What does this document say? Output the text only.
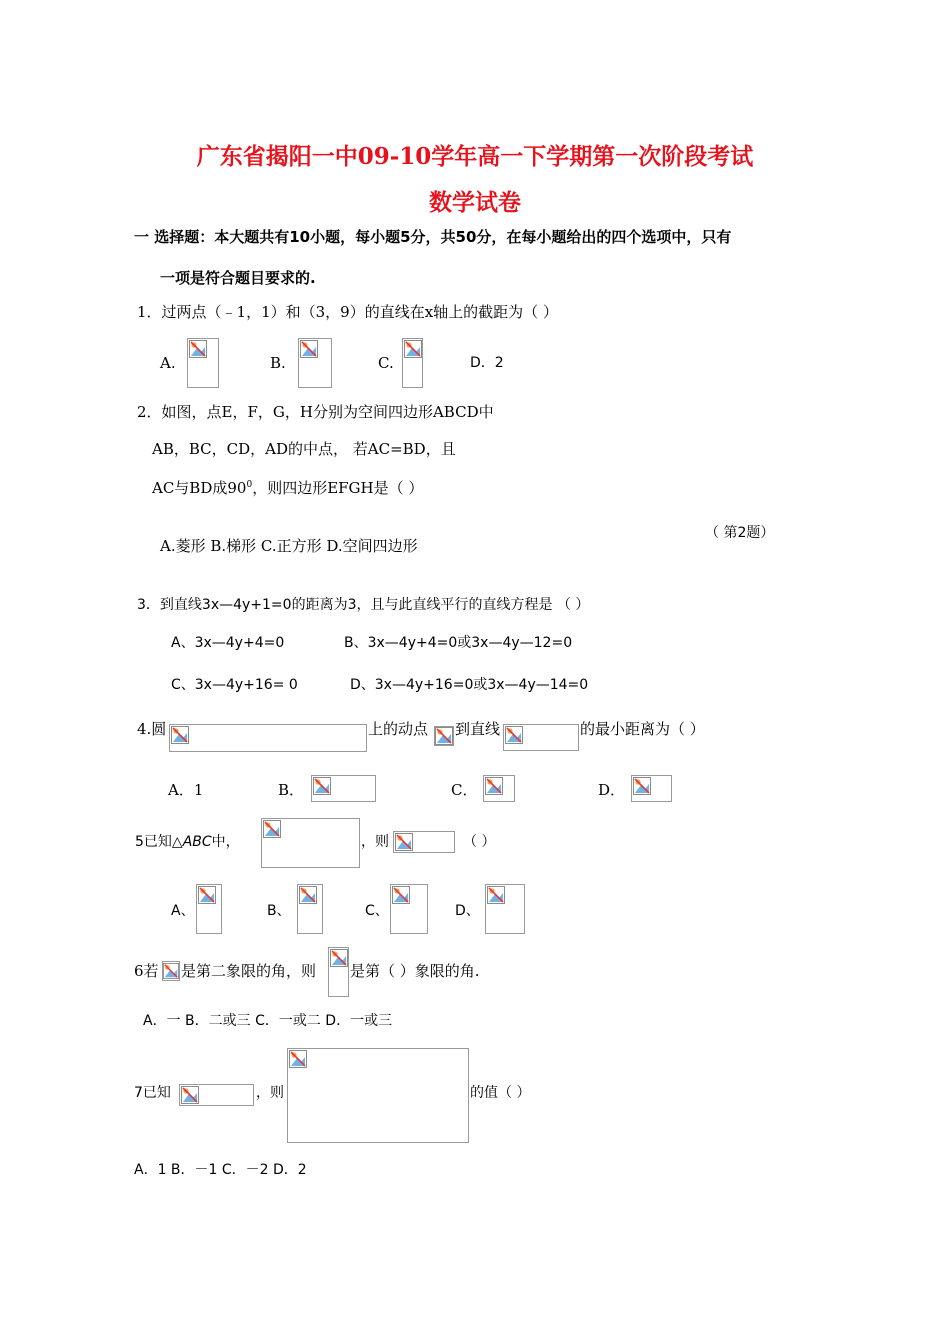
广东省揭阳一中09-10学年高一下学期第一次阶段考试
数学试卷
一 选择题：本大题共有10小题，每小题5分，共50分，在每小题给出的四个选项中，只有
一项是符合题目要求的.
1．过两点（﹣1，1）和（3，9）的直线在x轴上的截距为（ ）
A.	B.	C.	D．2
2．如图，点E，F，G，H分别为空间四边形ABCD中
AB，BC，CD，AD的中点， 若AC=BD，且
AC与BD成$90^0$，则四边形EFGH是（ ）
A.菱形 B.梯形 C.正方形 D.空间四边形
（ 第2题）
3．到直线3x—4y+1=0的距离为3，且与此直线平行的直线方程是 （ ）
A、3x—4y+4=0	B、3x—4y+4=0或3x—4y—12=0
C、3x—4y+16= 0	D、3x—4y+16=0或3x—4y—14=0
4.圆	上的动点 到直线	的最小距离为（ ）
A．1	B．	C．	D．
5已知△ABC中，	，则	（ ）
A、	B、	C、	D、
6若 是第二象限的角，则 是第（ ）象限的角.
A．一 B．二或三 C．一或二 D．一或三
7已知	，则	的值（ ）
A．1 B．－1 C．－2 D．2
